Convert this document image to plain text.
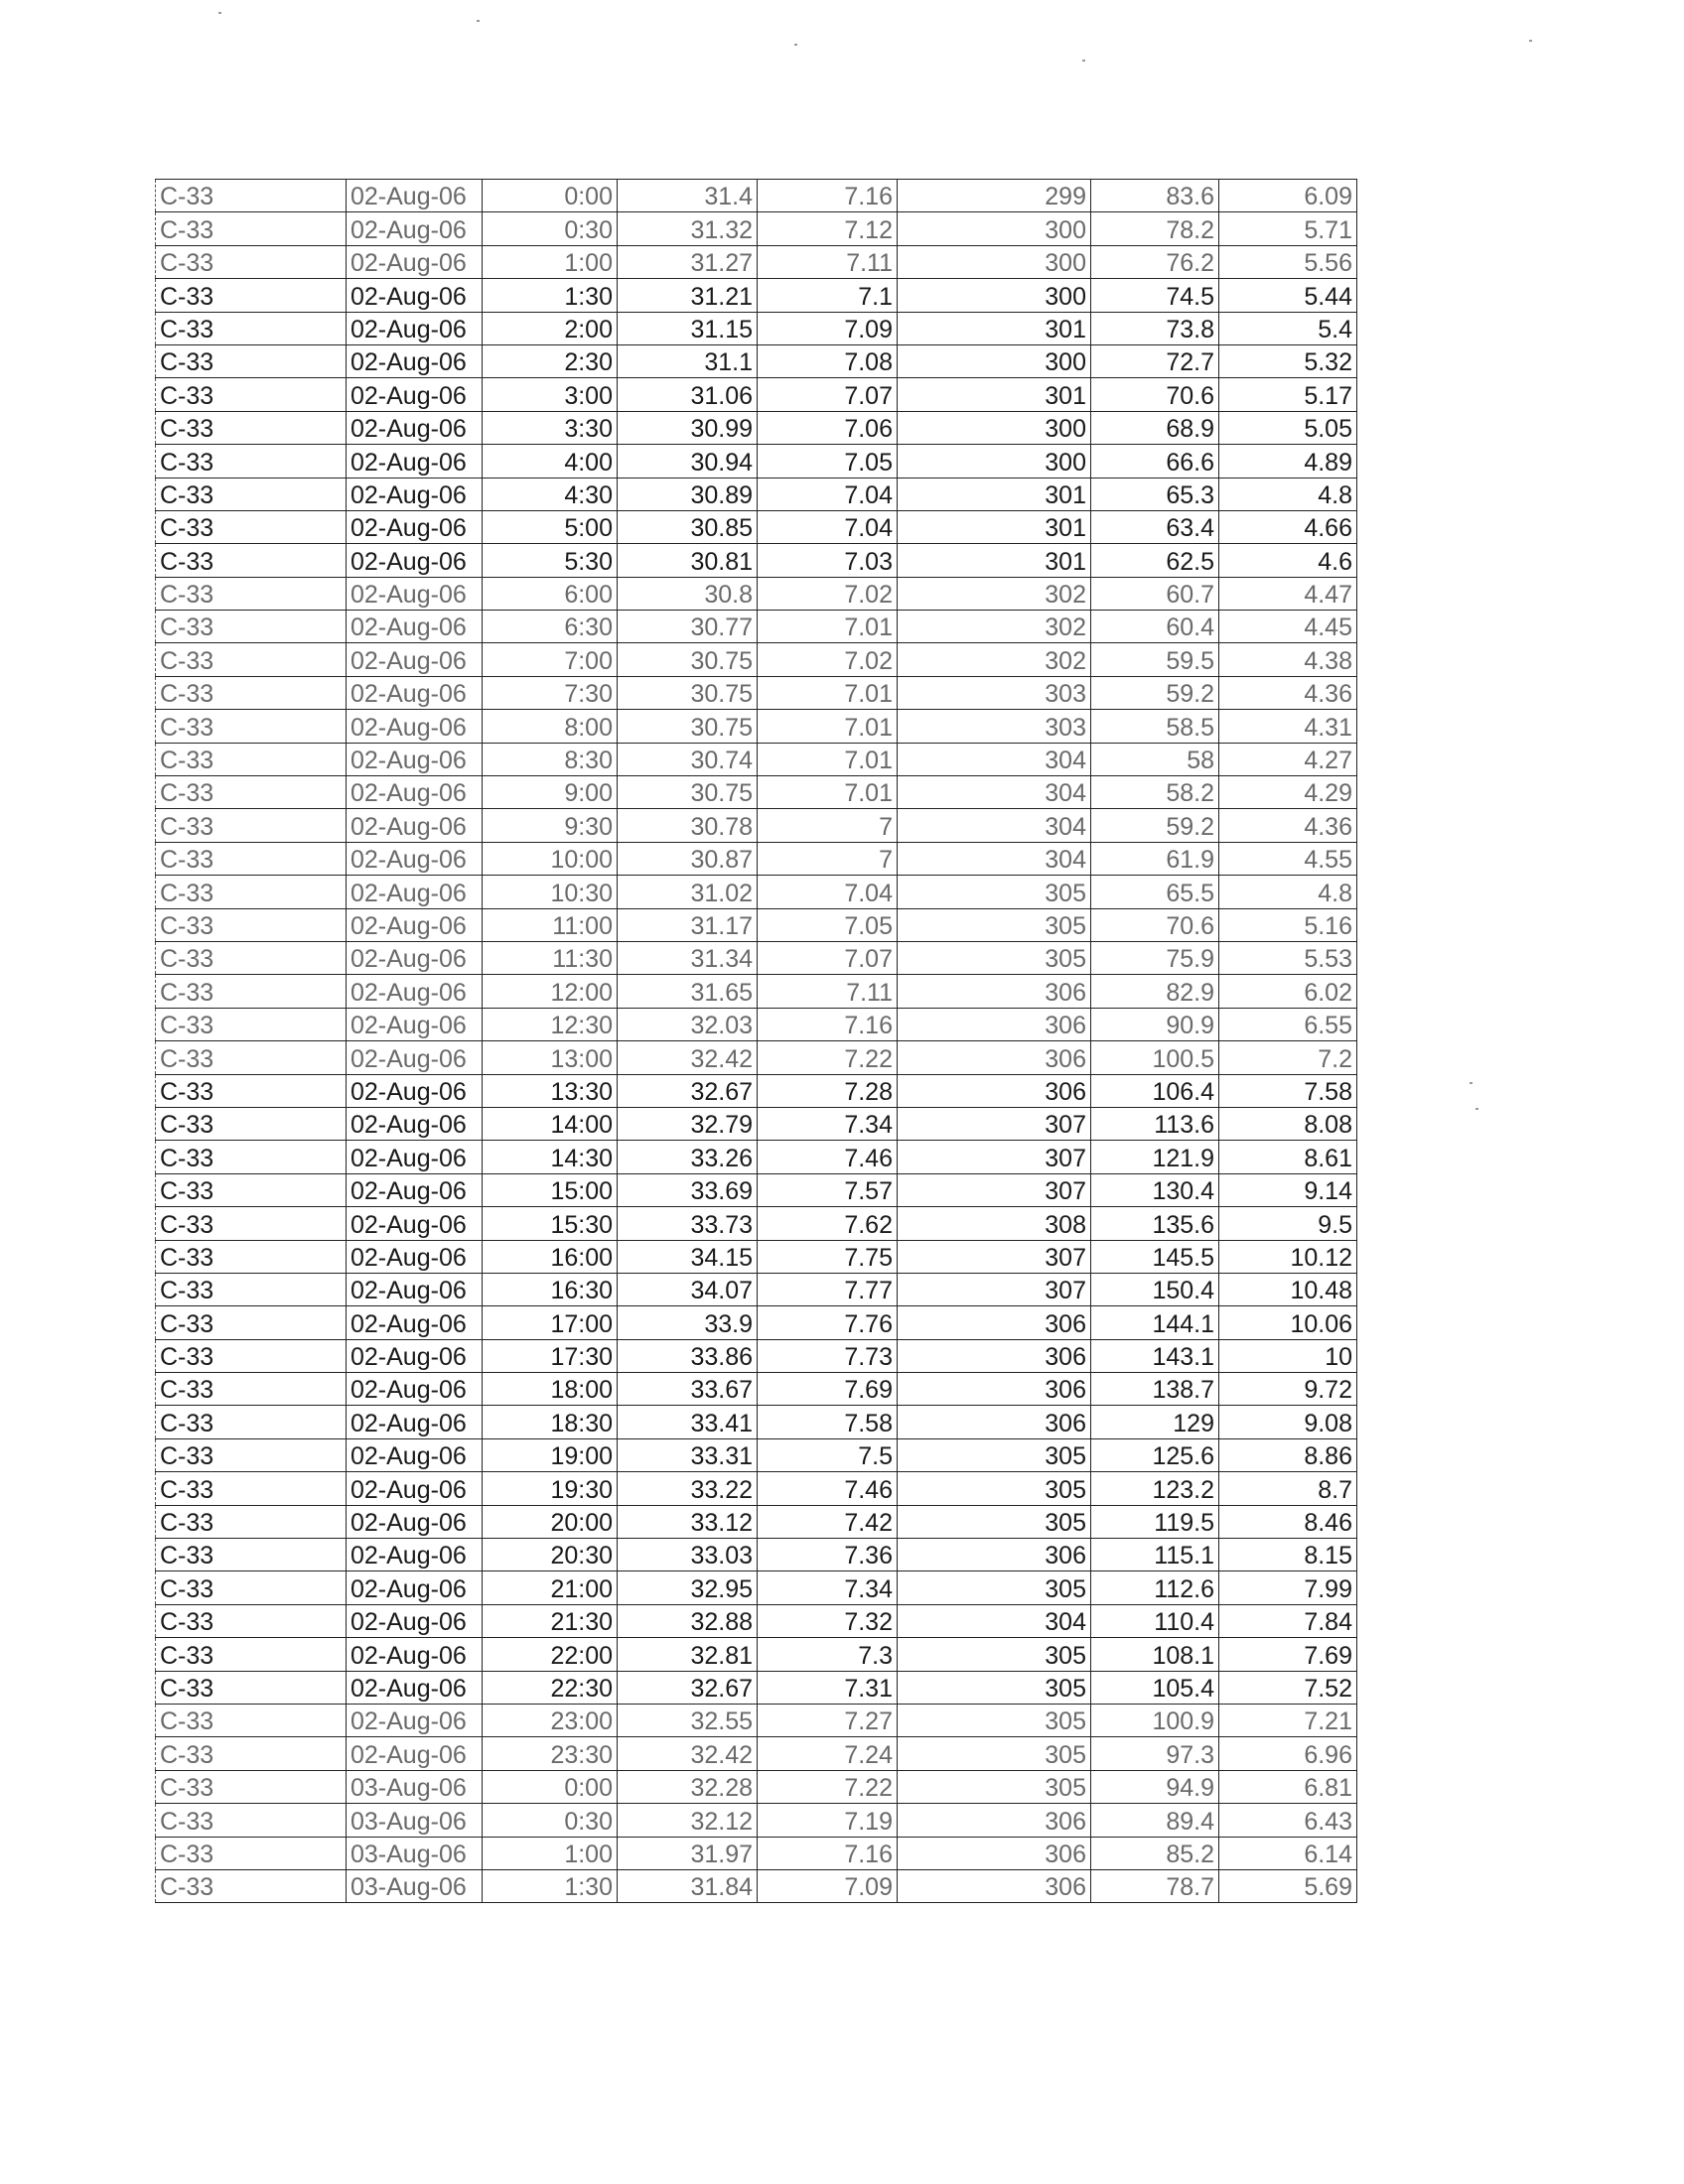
C-33	02-Aug-06	0:00	31.4	7.16	299	83.6	6.09
C-33	02-Aug-06	0:30	31.32	7.12	300	78.2	5.71
C-33	02-Aug-06	1:00	31.27	7.11	300	76.2	5.56
C-33	02-Aug-06	1:30	31.21	7.1	300	74.5	5.44
C-33	02-Aug-06	2:00	31.15	7.09	301	73.8	5.4
C-33	02-Aug-06	2:30	31.1	7.08	300	72.7	5.32
C-33	02-Aug-06	3:00	31.06	7.07	301	70.6	5.17
C-33	02-Aug-06	3:30	30.99	7.06	300	68.9	5.05
C-33	02-Aug-06	4:00	30.94	7.05	300	66.6	4.89
C-33	02-Aug-06	4:30	30.89	7.04	301	65.3	4.8
C-33	02-Aug-06	5:00	30.85	7.04	301	63.4	4.66
C-33	02-Aug-06	5:30	30.81	7.03	301	62.5	4.6
C-33	02-Aug-06	6:00	30.8	7.02	302	60.7	4.47
C-33	02-Aug-06	6:30	30.77	7.01	302	60.4	4.45
C-33	02-Aug-06	7:00	30.75	7.02	302	59.5	4.38
C-33	02-Aug-06	7:30	30.75	7.01	303	59.2	4.36
C-33	02-Aug-06	8:00	30.75	7.01	303	58.5	4.31
C-33	02-Aug-06	8:30	30.74	7.01	304	58	4.27
C-33	02-Aug-06	9:00	30.75	7.01	304	58.2	4.29
C-33	02-Aug-06	9:30	30.78	7	304	59.2	4.36
C-33	02-Aug-06	10:00	30.87	7	304	61.9	4.55
C-33	02-Aug-06	10:30	31.02	7.04	305	65.5	4.8
C-33	02-Aug-06	11:00	31.17	7.05	305	70.6	5.16
C-33	02-Aug-06	11:30	31.34	7.07	305	75.9	5.53
C-33	02-Aug-06	12:00	31.65	7.11	306	82.9	6.02
C-33	02-Aug-06	12:30	32.03	7.16	306	90.9	6.55
C-33	02-Aug-06	13:00	32.42	7.22	306	100.5	7.2
C-33	02-Aug-06	13:30	32.67	7.28	306	106.4	7.58
C-33	02-Aug-06	14:00	32.79	7.34	307	113.6	8.08
C-33	02-Aug-06	14:30	33.26	7.46	307	121.9	8.61
C-33	02-Aug-06	15:00	33.69	7.57	307	130.4	9.14
C-33	02-Aug-06	15:30	33.73	7.62	308	135.6	9.5
C-33	02-Aug-06	16:00	34.15	7.75	307	145.5	10.12
C-33	02-Aug-06	16:30	34.07	7.77	307	150.4	10.48
C-33	02-Aug-06	17:00	33.9	7.76	306	144.1	10.06
C-33	02-Aug-06	17:30	33.86	7.73	306	143.1	10
C-33	02-Aug-06	18:00	33.67	7.69	306	138.7	9.72
C-33	02-Aug-06	18:30	33.41	7.58	306	129	9.08
C-33	02-Aug-06	19:00	33.31	7.5	305	125.6	8.86
C-33	02-Aug-06	19:30	33.22	7.46	305	123.2	8.7
C-33	02-Aug-06	20:00	33.12	7.42	305	119.5	8.46
C-33	02-Aug-06	20:30	33.03	7.36	306	115.1	8.15
C-33	02-Aug-06	21:00	32.95	7.34	305	112.6	7.99
C-33	02-Aug-06	21:30	32.88	7.32	304	110.4	7.84
C-33	02-Aug-06	22:00	32.81	7.3	305	108.1	7.69
C-33	02-Aug-06	22:30	32.67	7.31	305	105.4	7.52
C-33	02-Aug-06	23:00	32.55	7.27	305	100.9	7.21
C-33	02-Aug-06	23:30	32.42	7.24	305	97.3	6.96
C-33	03-Aug-06	0:00	32.28	7.22	305	94.9	6.81
C-33	03-Aug-06	0:30	32.12	7.19	306	89.4	6.43
C-33	03-Aug-06	1:00	31.97	7.16	306	85.2	6.14
C-33	03-Aug-06	1:30	31.84	7.09	306	78.7	5.69
